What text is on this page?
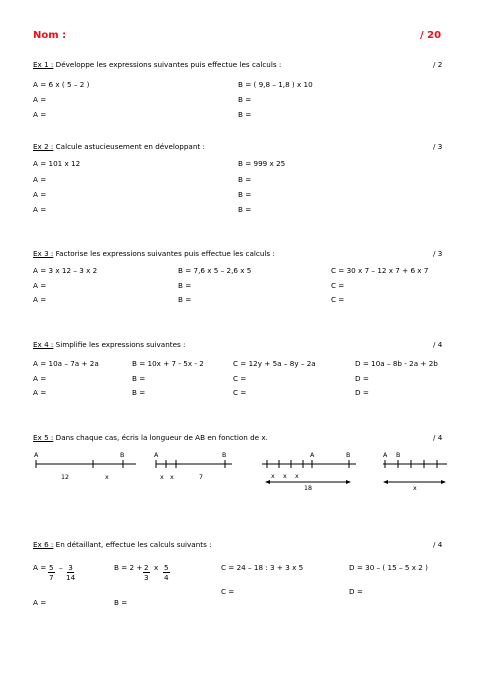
Nom :	/ 20
Ex 1 : Développe les expressions suivantes puis effectue les calculs :	/ 2
A = 6 x ( 5 – 2 )	B = ( 9,8 – 1,8 ) x 10
A =	B =
A =	B =
Ex 2 : Calcule astucieusement en développant :	/ 3
A = 101 x 12	B = 999 x 25
A =	B =
A =	B =
A =	B =
Ex 3 : Factorise les expressions suivantes puis effectue les calculs :	/ 3
A = 3 x 12 – 3 x 2	B = 7,6 x 5 – 2,6 x 5	C = 30 x 7 – 12 x 7 + 6 x 7
A =	B =	C =
A =	B =	C =
Ex 4 : Simplifie les expressions suivantes :	/ 4
A = 10a – 7a + 2a	B = 10x + 7 - 5x - 2	C = 12y + 5a – 8y – 2a	D = 10a – 8b - 2a + 2b
A =	B =	C =	D =
A =	B =	C =	D =
Ex 5 : Dans chaque cas, écris la longueur de AB en fonction de x.	/ 4
A	B
12	x
A	B
x x	7
A	B
x x x
18
A B
x
Ex 6 : En détaillant, effectue les calculs suivants :	/ 4
$A = \frac{5}{7} - \frac{3}{14}$	$B = 2 + \frac{2}{3}$ x $\frac{5}{4}$	C = 24 – 18 : 3 + 3 x 5	D = 30 – ( 15 – 5 x 2 )
C =	D =
A =	B =
